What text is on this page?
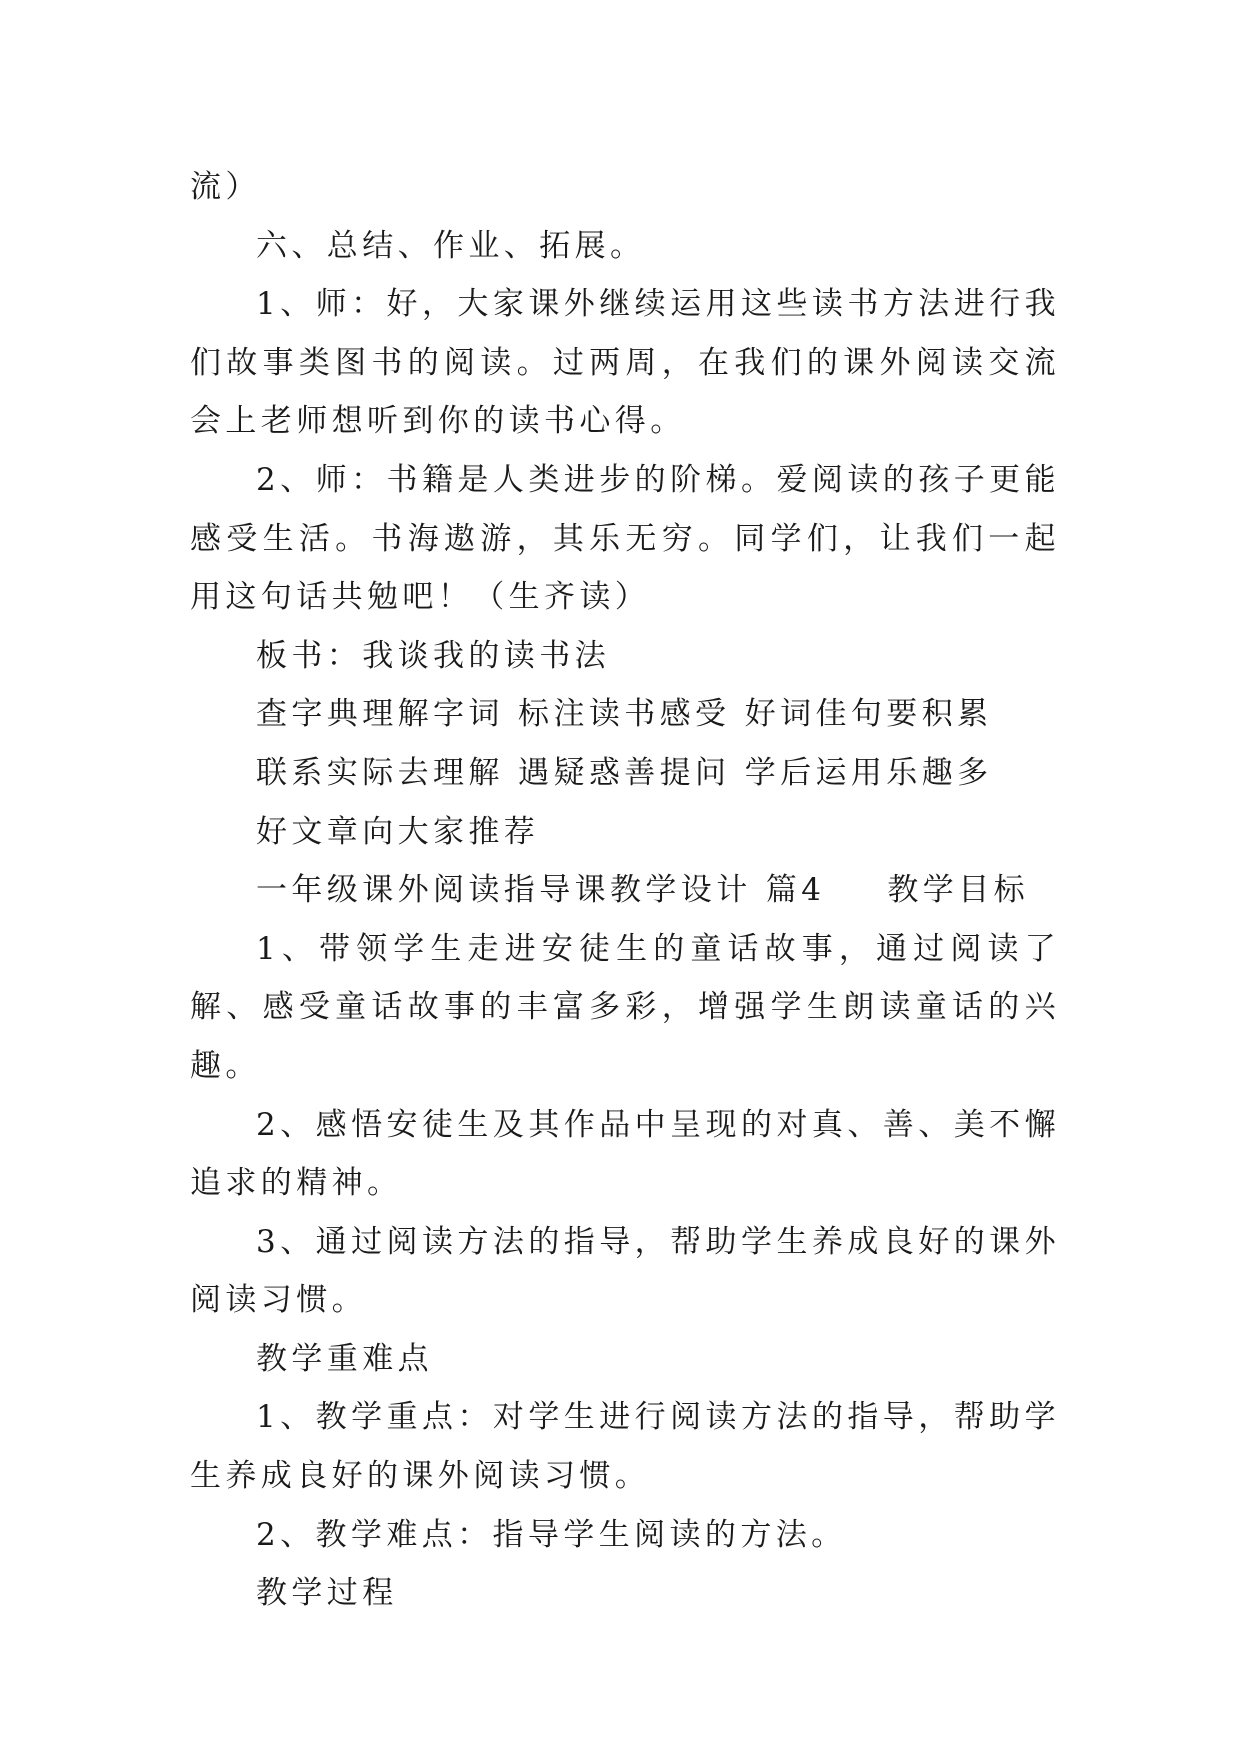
流）

六、总结、作业、拓展。

1、师：好，大家课外继续运用这些读书方法进行我们故事类图书的阅读。过两周，在我们的课外阅读交流会上老师想听到你的读书心得。

2、师：书籍是人类进步的阶梯。爱阅读的孩子更能感受生活。书海遨游，其乐无穷。同学们，让我们一起用这句话共勉吧！（生齐读）

板书：我谈我的读书法

查字典理解字词 标注读书感受 好词佳句要积累

联系实际去理解 遇疑惑善提问 学后运用乐趣多

好文章向大家推荐

一年级课外阅读指导课教学设计 篇4 教学目标

1、带领学生走进安徒生的童话故事，通过阅读了解、感受童话故事的丰富多彩，增强学生朗读童话的兴趣。

2、感悟安徒生及其作品中呈现的对真、善、美不懈追求的精神。

3、通过阅读方法的指导，帮助学生养成良好的课外阅读习惯。

教学重难点

1、教学重点：对学生进行阅读方法的指导，帮助学生养成良好的课外阅读习惯。

2、教学难点：指导学生阅读的方法。

教学过程
